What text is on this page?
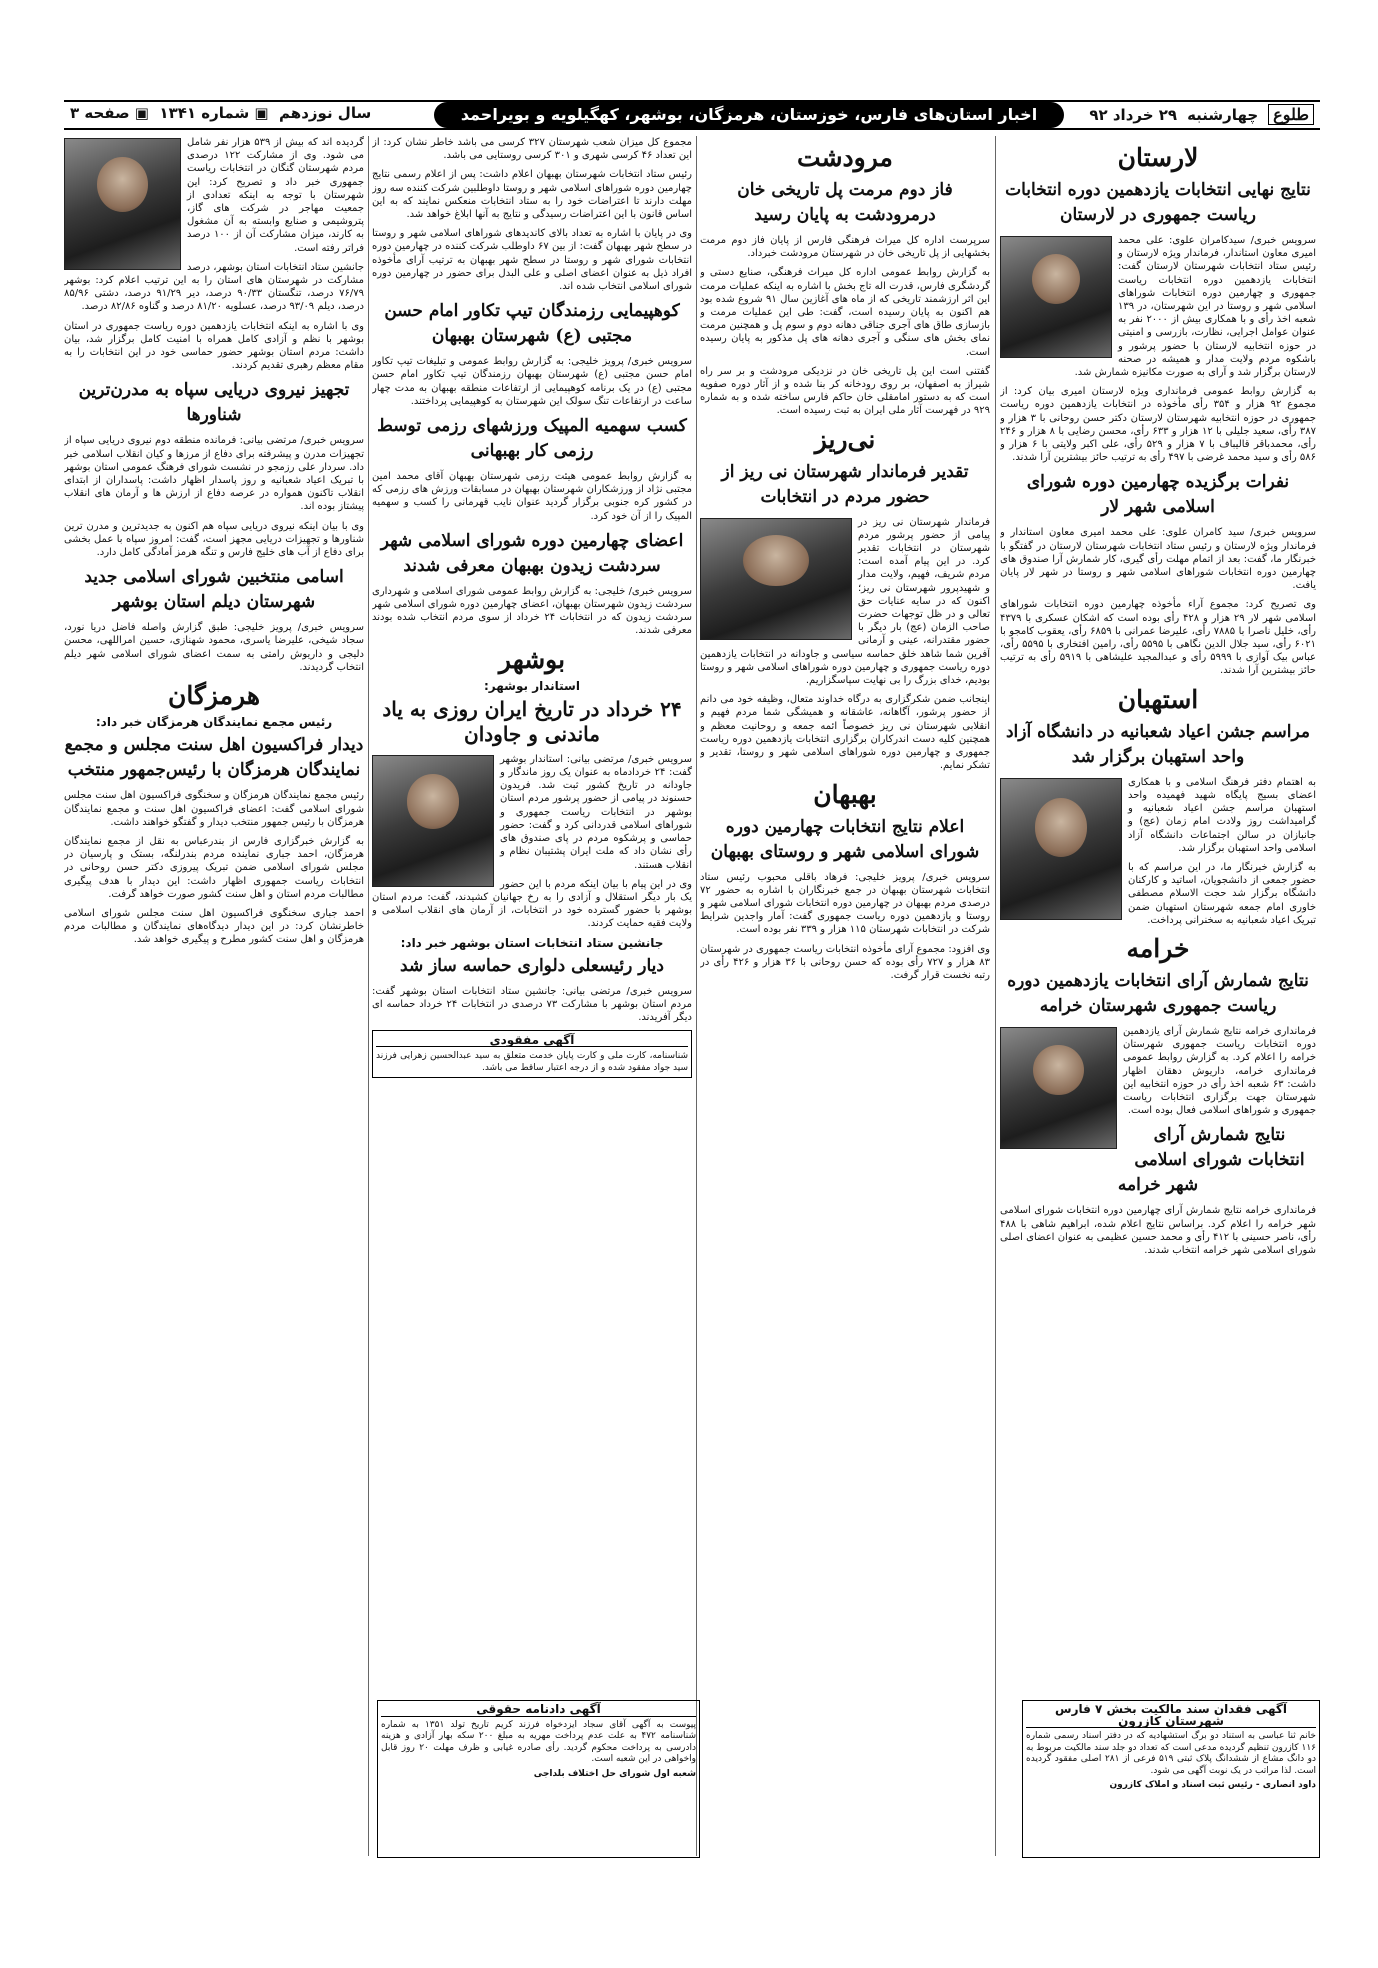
طلوع
چهارشنبه
۲۹ خرداد ۹۲
اخبار استان‌های فارس، خوزستان، هرمزگان، بوشهر، کهگیلویه و بویراحمد
سال نوزدهم  ▣ شماره ۱۳۴۱  ▣ صفحه ۳
لارستان
نتایج نهایی انتخابات یازدهمین دوره انتخابات ریاست جمهوری در لارستان

سرویس خبری/ سیدکامران علوی: علی محمد امیری معاون استاندار، فرماندار ویژه لارستان و رئیس ستاد انتخابات شهرستان لارستان گفت: انتخابات یازدهمین دوره انتخابات ریاست جمهوری و چهارمین دوره انتخابات شوراهای اسلامی شهر و روستا در این شهرستان، در ۱۳۹ شعبه اخذ رأی و با همکاری بیش از ۲۰۰۰ نفر به عنوان عوامل اجرایی، نظارت، بازرسی و امنیتی در حوزه انتخابیه لارستان با حضور پرشور و باشکوه مردم ولایت مدار و همیشه در صحنه لارستان برگزار شد و آرای به صورت مکانیزه شمارش شد.

به گزارش روابط عمومی فرمانداری ویژه لارستان امیری بیان کرد: از مجموع ۹۲ هزار و ۳۵۴ رأی مأخوذه در انتخابات یازدهمین دوره ریاست جمهوری در حوزه انتخابیه شهرستان لارستان دکتر حسن روحانی با ۳ هزار و ۳۸۷ رأی، سعید جلیلی با ۱۲ هزار و ۶۳۳ رأی، محسن رضایی با ۸ هزار و ۲۴۶ رأی، محمدباقر قالیباف با ۷ هزار و ۵۲۹ رأی، علی اکبر ولایتی با ۶ هزار و ۵۸۶ رأی و سید محمد غرضی با ۴۹۷ رأی به ترتیب حائز بیشترین آرا شدند.

نفرات برگزیده چهارمین دوره شورای اسلامی شهر لار

سرویس خبری/ سید کامران علوی: علی محمد امیری معاون استاندار و فرماندار ویژه لارستان و رئیس ستاد انتخابات شهرستان لارستان در گفتگو با خبرنگار ما، گفت: بعد از اتمام مهلت رأی گیری، کار شمارش آرا صندوق های چهارمین دوره انتخابات شوراهای اسلامی شهر و روستا در شهر لار پایان یافت.

وی تصریح کرد: مجموع آراء مأخوذه چهارمین دوره انتخابات شوراهای اسلامی شهر لار ۲۹ هزار و ۴۲۸ رأی بوده است که اشکان عسکری با ۴۳۷۹ رأی، خلیل ناصرا با ۷۸۸۵ رأی، علیرضا عمرانی با ۶۸۵۹ رأی، یعقوب کامجو با ۶۰۲۱ رأی، سید جلال الدین نگاهی با ۵۵۹۵ رأی، رامین افتخاری با ۵۵۹۵ رأی، عباس بیک آوازی با ۵۹۹۹ رأی و عبدالمجید علیشاهی با ۵۹۱۹ رأی به ترتیب حائز بیشترین آرا شدند.

استهبان
مراسم جشن اعیاد شعبانیه در دانشگاه آزاد واحد استهبان برگزار شد

به اهتمام دفتر فرهنگ اسلامی و با همکاری اعضای بسیج پایگاه شهید فهمیده واحد استهبان مراسم جشن اعیاد شعبانیه و گرامیداشت روز ولادت امام زمان (عج) و جانبازان در سالن اجتماعات دانشگاه آزاد اسلامی واحد استهبان برگزار شد.

به گزارش خبرنگار ما، در این مراسم که با حضور جمعی از دانشجویان، اساتید و کارکنان دانشگاه برگزار شد حجت الاسلام مصطفی خاوری امام جمعه شهرستان استهبان ضمن تبریک اعیاد شعبانیه به سخنرانی پرداخت.

خرامه
نتایج شمارش آرای انتخابات یازدهمین دوره ریاست جمهوری شهرستان خرامه

فرمانداری خرامه نتایج شمارش آرای یازدهمین دوره انتخابات ریاست جمهوری شهرستان خرامه را اعلام کرد. به گزارش روابط عمومی فرمانداری خرامه، داریوش دهقان اظهار داشت: ۶۳ شعبه اخذ رأی در حوزه انتخابیه این شهرستان جهت برگزاری انتخابات ریاست جمهوری و شوراهای اسلامی فعال بوده است.

نتایج شمارش آرای انتخابات شورای اسلامی شهر خرامه

فرمانداری خرامه نتایج شمارش آرای چهارمین دوره انتخابات شورای اسلامی شهر خرامه را اعلام کرد. براساس نتایج اعلام شده، ابراهیم شاهی با ۴۸۸ رأی، ناصر حسینی با ۴۱۲ رأی و محمد حسین عظیمی به عنوان اعضای اصلی شورای اسلامی شهر خرامه انتخاب شدند.

مرودشت
فاز دوم مرمت پل تاریخی خان درمرودشت به پایان رسید

سرپرست اداره کل میراث فرهنگی فارس از پایان فاز دوم مرمت بخشهایی از پل تاریخی خان در شهرستان مرودشت خبرداد.

به گزارش روابط عمومی اداره کل میراث فرهنگی، صنایع دستی و گردشگری فارس، قدرت اله تاج بخش با اشاره به اینکه عملیات مرمت این اثر ارزشمند تاریخی که از ماه های آغازین سال ۹۱ شروع شده بود هم اکنون به پایان رسیده است، گفت: طی این عملیات مرمت و بازسازی طاق های آجری جناقی دهانه دوم و سوم پل و همچنین مرمت نمای بخش های سنگی و آجری دهانه های پل مذکور به پایان رسیده است.

گفتنی است این پل تاریخی خان در نزدیکی مرودشت و بر سر راه شیراز به اصفهان، بر روی رودخانه کر بنا شده و از آثار دوره صفویه است که به دستور امامقلی خان حاکم فارس ساخته شده و به شماره ۹۲۹ در فهرست آثار ملی ایران به ثبت رسیده است.

نی‌ریز
تقدیر فرماندار شهرستان نی ریز از حضور مردم در انتخابات

فرماندار شهرستان نی ریز در پیامی از حضور پرشور مردم شهرستان در انتخابات تقدیر کرد. در این پیام آمده است: مردم شریف، فهیم، ولایت مدار و شهیدپرور شهرستان نی ریز؛ اکنون که در سایه عنایات حق تعالی و در ظل توجهات حضرت صاحب الزمان (عج) بار دیگر با حضور مقتدرانه، عینی و آرمانی آفرین شما شاهد خلق حماسه سیاسی و جاودانه در انتخابات یازدهمین دوره ریاست جمهوری و چهارمین دوره شوراهای اسلامی شهر و روستا بودیم، خدای بزرگ را بی نهایت سپاسگزاریم.

اینجانب ضمن شکرگزاری به درگاه خداوند متعال، وظیفه خود می دانم از حضور پرشور، آگاهانه، عاشقانه و همیشگی شما مردم فهیم و انقلابی شهرستان نی ریز خصوصاً ائمه جمعه و روحانیت معظم و همچنین کلیه دست اندرکاران برگزاری انتخابات یازدهمین دوره ریاست جمهوری و چهارمین دوره شوراهای اسلامی شهر و روستا، تقدیر و تشکر نمایم.

بهبهان
اعلام نتایج انتخابات چهارمین دوره شورای اسلامی شهر و روستای بهبهان

سرویس خبری/ پرویز خلیجی: فرهاد باقلی محبوب رئیس ستاد انتخابات شهرستان بهبهان در جمع خبرنگاران با اشاره به حضور ۷۲ درصدی مردم بهبهان در چهارمین دوره انتخابات شورای اسلامی شهر و روستا و یازدهمین دوره ریاست جمهوری گفت: آمار واجدین شرایط شرکت در انتخابات شهرستان ۱۱۵ هزار و ۳۳۹ نفر بوده است.

وی افزود: مجموع آرای مأخوذه انتخابات ریاست جمهوری در شهرستان ۸۳ هزار و ۷۲۷ رأی بوده که حسن روحانی با ۳۶ هزار و ۴۲۶ رأی در رتبه نخست قرار گرفت.

مجموع کل میزان شعب شهرستان ۳۲۷ کرسی می باشد خاطر نشان کرد: از این تعداد ۴۶ کرسی شهری و ۳۰۱ کرسی روستایی می باشد.

رئیس ستاد انتخابات شهرستان بهبهان اعلام داشت: پس از اعلام رسمی نتایج چهارمین دوره شوراهای اسلامی شهر و روستا داوطلبین شرکت کننده سه روز مهلت دارند تا اعتراضات خود را به ستاد انتخابات منعکس نمایند که به این اساس قانون با این اعتراضات رسیدگی و نتایج به آنها ابلاغ خواهد شد.

وی در پایان با اشاره به تعداد بالای کاندیدهای شوراهای اسلامی شهر و روستا در سطح شهر بهبهان گفت: از بین ۶۷ داوطلب شرکت کننده در چهارمین دوره انتخابات شورای شهر و روستا در سطح شهر بهبهان به ترتیب آرای مأخوذه افراد ذیل به عنوان اعضای اصلی و علی البدل برای حضور در چهارمین دوره شورای اسلامی انتخاب شده اند.

کوهپیمایی رزمندگان تیپ تکاور امام حسن مجتبی (ع) شهرستان بهبهان

سرویس خبری/ پرویز خلیجی: به گزارش روابط عمومی و تبلیغات تیپ تکاور امام حسن مجتبی (ع) شهرستان بهبهان رزمندگان تیپ تکاور امام حسن مجتبی (ع) در یک برنامه کوهپیمایی از ارتفاعات منطقه بهبهان به مدت چهار ساعت در ارتفاعات تنگ سولک این شهرستان به کوهپیمایی پرداختند.

کسب سهمیه المپیک ورزشهای رزمی توسط رزمی کار بهبهانی

به گزارش روابط عمومی هیئت رزمی شهرستان بهبهان آقای محمد امین مجتبی نژاد از ورزشکاران شهرستان بهبهان در مسابقات ورزش های رزمی که در کشور کره جنوبی برگزار گردید عنوان نایب قهرمانی را کسب و سهمیه المپیک را از آن خود کرد.

اعضای چهارمین دوره شورای اسلامی شهر سردشت زیدون بهبهان معرفی شدند

سرویس خبری/ خلیجی: به گزارش روابط عمومی شورای اسلامی و شهرداری سردشت زیدون شهرستان بهبهان، اعضای چهارمین دوره شورای اسلامی شهر سردشت زیدون که در انتخابات ۲۴ خرداد از سوی مردم انتخاب شده بودند معرفی شدند.

بوشهر
استاندار بوشهر:
۲۴ خرداد در تاریخ ایران روزی به یاد ماندنی و جاودان

سرویس خبری/ مرتضی بیانی: استاندار بوشهر گفت: ۲۴ خردادماه به عنوان یک روز ماندگار و جاودانه در تاریخ کشور ثبت شد. فریدون حسنوند در پیامی از حضور پرشور مردم استان بوشهر در انتخابات ریاست جمهوری و شوراهای اسلامی قدردانی کرد و گفت: حضور حماسی و پرشکوه مردم در پای صندوق های رأی نشان داد که ملت ایران پشتیبان نظام و انقلاب هستند.

وی در این پیام با بیان اینکه مردم با این حضور یک بار دیگر استقلال و آزادی را به رخ جهانیان کشیدند، گفت: مردم استان بوشهر با حضور گسترده خود در انتخابات، از آرمان های انقلاب اسلامی و ولایت فقیه حمایت کردند.

جانشین ستاد انتخابات استان بوشهر خبر داد:
دیار رئیسعلی دلواری حماسه ساز شد

سرویس خبری/ مرتضی بیانی: جانشین ستاد انتخابات استان بوشهر گفت: مردم استان بوشهر با مشارکت ۷۳ درصدی در انتخابات ۲۴ خرداد حماسه ای دیگر آفریدند.

آگهی مفقودی
شناسنامه، کارت ملی و کارت پایان خدمت متعلق به سید عبدالحسین زهرایی فرزند سید جواد مفقود شده و از درجه اعتبار ساقط می باشد.

گردیده اند که بیش از ۵۳۹ هزار نفر شامل می شود. وی از مشارکت ۱۲۲ درصدی مردم شهرستان گنگان در انتخابات ریاست جمهوری خبر داد و تصریح کرد: این شهرستان با توجه به اینکه تعدادی از جمعیت مهاجر در شرکت های گاز، پتروشیمی و صنایع وابسته به آن مشغول به کارند، میزان مشارکت آن از ۱۰۰ درصد فراتر رفته است.

جانشین ستاد انتخابات استان بوشهر، درصد مشارکت در شهرستان های استان را به این ترتیب اعلام کرد: بوشهر ۷۶/۷۹ درصد، تنگستان ۹۰/۳۳ درصد، دیر ۹۱/۲۹ درصد، دشتی ۸۵/۹۶ درصد، دیلم ۹۳/۰۹ درصد، عسلویه ۸۱/۲۰ درصد و گناوه ۸۲/۸۶ درصد.

وی با اشاره به اینکه انتخابات یازدهمین دوره ریاست جمهوری در استان بوشهر با نظم و آزادی کامل همراه با امنیت کامل برگزار شد، بیان داشت: مردم استان بوشهر حضور حماسی خود در این انتخابات را به مقام معظم رهبری تقدیم کردند.

تجهیز نیروی دریایی سپاه به مدرن‌ترین شناورها

سرویس خبری/ مرتضی بیانی: فرمانده منطقه دوم نیروی دریایی سپاه از تجهیزات مدرن و پیشرفته برای دفاع از مرزها و کیان انقلاب اسلامی خبر داد. سردار علی رزمجو در نشست شورای فرهنگ عمومی استان بوشهر با تبریک اعیاد شعبانیه و روز پاسدار اظهار داشت: پاسداران از ابتدای انقلاب تاکنون همواره در عرصه دفاع از ارزش ها و آرمان های انقلاب پیشتاز بوده اند.

وی با بیان اینکه نیروی دریایی سپاه هم اکنون به جدیدترین و مدرن ترین شناورها و تجهیزات دریایی مجهز است، گفت: امروز سپاه با عمل بخشی برای دفاع از آب های خلیج فارس و تنگه هرمز آمادگی کامل دارد.

اسامی منتخبین شورای اسلامی جدید شهرستان دیلم استان بوشهر

سرویس خبری/ پرویز خلیجی: طبق گزارش واصله فاضل دریا نورد، سجاد شیخی، علیرضا یاسری، محمود شهنازی، حسین امراللهی، محسن دلیجی و داریوش رامتی به سمت اعضای شورای اسلامی شهر دیلم انتخاب گردیدند.

هرمزگان
رئیس مجمع نمایندگان هرمزگان خبر داد:
دیدار فراکسیون اهل سنت مجلس و مجمع نمایندگان هرمزگان با رئیس‌جمهور منتخب

رئیس مجمع نمایندگان هرمزگان و سخنگوی فراکسیون اهل سنت مجلس شورای اسلامی گفت: اعضای فراکسیون اهل سنت و مجمع نمایندگان هرمزگان با رئیس جمهور منتخب دیدار و گفتگو خواهند داشت.

به گزارش خبرگزاری فارس از بندرعباس به نقل از مجمع نمایندگان هرمزگان، احمد جباری نماینده مردم بندرلنگه، بستک و پارسیان در مجلس شورای اسلامی ضمن تبریک پیروزی دکتر حسن روحانی در انتخابات ریاست جمهوری اظهار داشت: این دیدار با هدف پیگیری مطالبات مردم استان و اهل سنت کشور صورت خواهد گرفت.

احمد جباری سخنگوی فراکسیون اهل سنت مجلس شورای اسلامی خاطرنشان کرد: در این دیدار دیدگاه‌های نمایندگان و مطالبات مردم هرمزگان و اهل سنت کشور مطرح و پیگیری خواهد شد.

آگهی فقدان سند مالکیت بخش ۷ فارس شهرستان کازرون
خانم ثنا عباسی به استناد دو برگ استشهادیه که در دفتر اسناد رسمی شماره ۱۱۶ کازرون تنظیم گردیده مدعی است که تعداد دو جلد سند مالکیت مربوط به دو دانگ مشاع از ششدانگ پلاک ثبتی ۵۱۹ فرعی از ۲۸۱ اصلی مفقود گردیده است. لذا مراتب در یک نوبت آگهی می شود.
داود انصاری - رئیس ثبت اسناد و املاک کازرون
آگهی دادنامه حقوقی
پیوست به آگهی آقای سجاد ایزدخواه فرزند کریم تاریخ تولد ۱۳۵۱ به شماره شناسنامه ۴۷۲ به علت عدم پرداخت مهریه به مبلغ ۲۰۰ سکه بهار آزادی و هزینه دادرسی به پرداخت محکوم گردید. رأی صادره غیابی و ظرف مهلت ۲۰ روز قابل واخواهی در این شعبه است.
شعبه اول شورای حل اختلاف بلداجی
